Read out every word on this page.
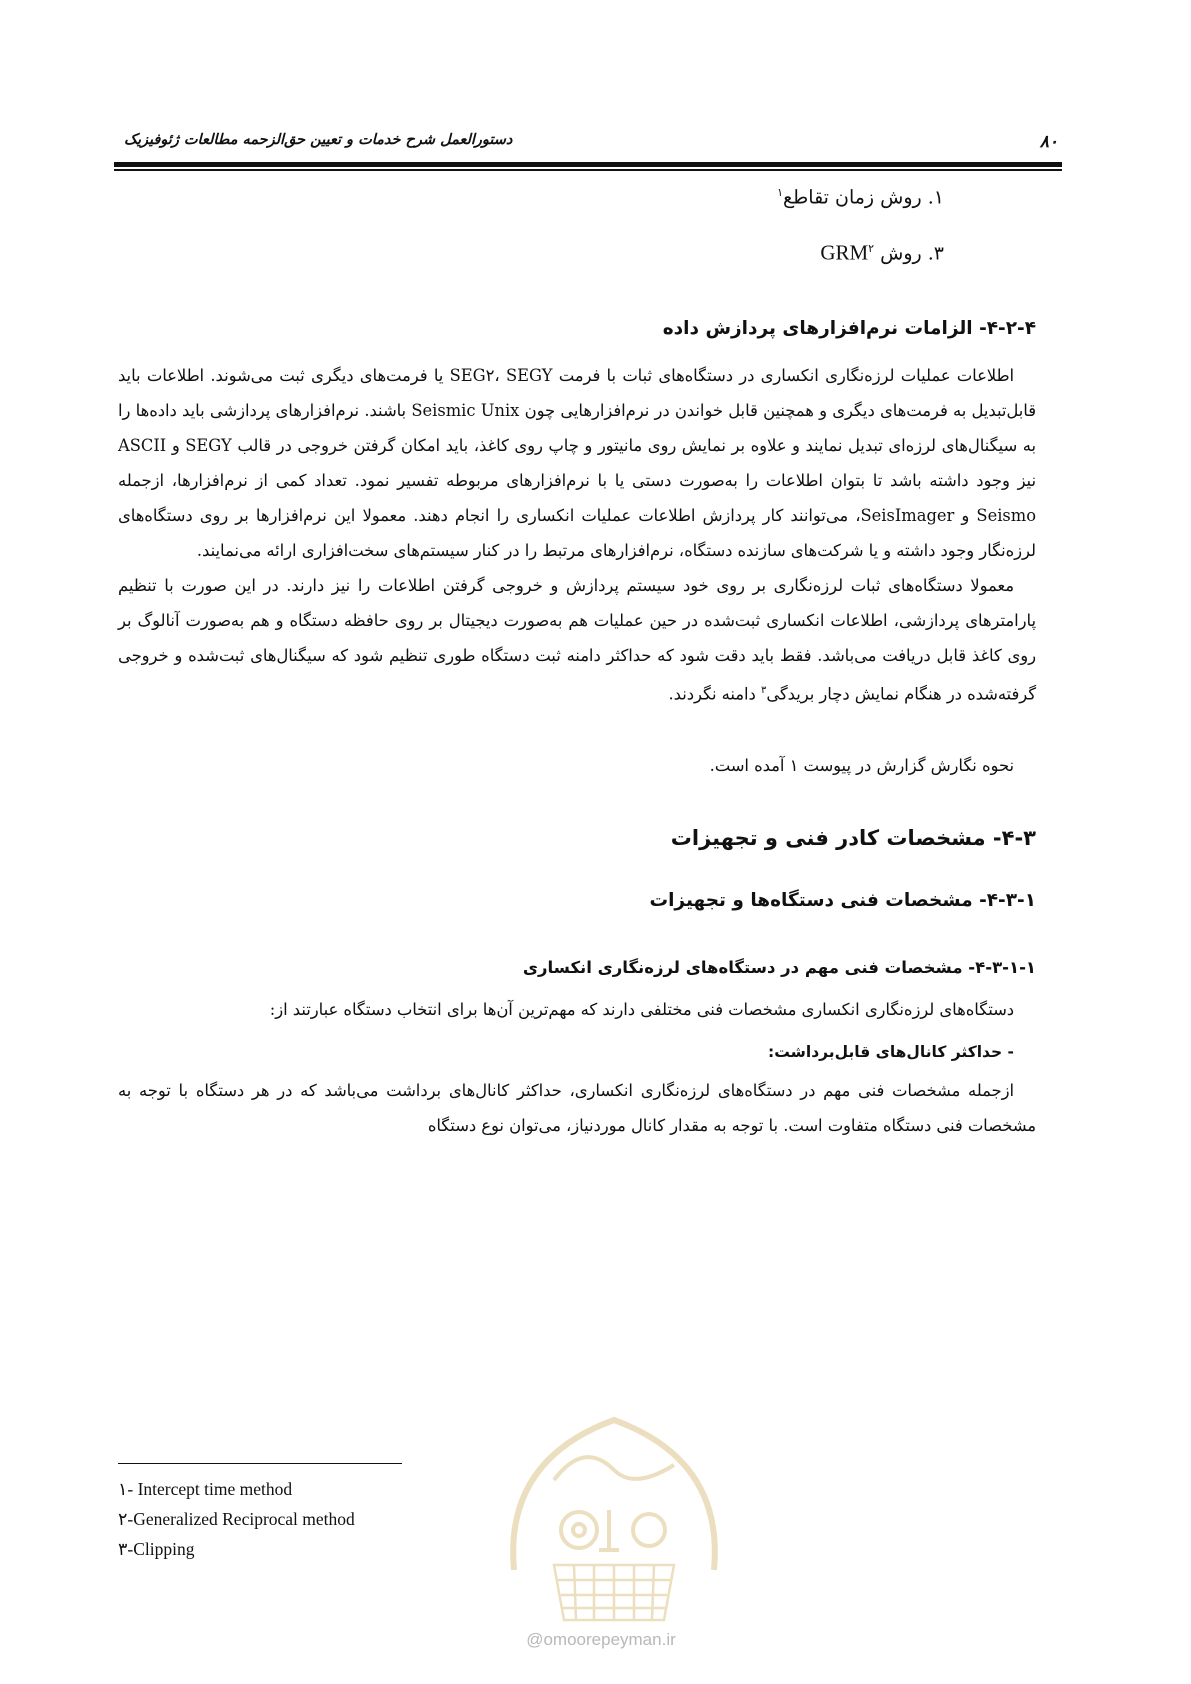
۸۰
دستورالعمل شرح خدمات و تعیین حق‌الزحمه مطالعات ژئوفیزیک
۱. روش زمان تقاطع$^۱$
۳. روش GRM$^۲$
۴-۲-۴- الزامات نرم‌افزارهای پردازش داده
اطلاعات عملیات لرزه‌نگاری انکساری در دستگاه‌های ثبات با فرمت SEG۲، SEGY یا فرمت‌های دیگری ثبت می‌شوند. اطلاعات باید قابل‌تبدیل به فرمت‌های دیگری و همچنین قابل خواندن در نرم‌افزارهایی چون Seismic Unix باشند. نرم‌افزارهای پردازشی باید داده‌ها را به سیگنال‌های لرزه‌ای تبدیل نمایند و علاوه بر نمایش روی مانیتور و چاپ روی کاغذ، باید امکان گرفتن خروجی در قالب SEGY و ASCII نیز وجود داشته باشد تا بتوان اطلاعات را به‌صورت دستی یا با نرم‌افزارهای مربوطه تفسیر نمود. تعداد کمی از نرم‌افزارها، ازجمله Seismo و SeisImager، می‌توانند کار پردازش اطلاعات عملیات انکساری را انجام دهند. معمولا این نرم‌افزارها بر روی دستگاه‌های لرزه‌نگار وجود داشته و یا شرکت‌های سازنده دستگاه، نرم‌افزارهای مرتبط را در کنار سیستم‌های سخت‌افزاری ارائه می‌نمایند.
معمولا دستگاه‌های ثبات لرزه‌نگاری بر روی خود سیستم پردازش و خروجی گرفتن اطلاعات را نیز دارند. در این صورت با تنظیم پارامترهای پردازشی، اطلاعات انکساری ثبت‌شده در حین عملیات هم به‌صورت دیجیتال بر روی حافظه دستگاه و هم به‌صورت آنالوگ بر روی کاغذ قابل دریافت می‌باشد. فقط باید دقت شود که حداکثر دامنه ثبت دستگاه طوری تنظیم شود که سیگنال‌های ثبت‌شده و خروجی گرفته‌شده در هنگام نمایش دچار بریدگی$^۳$ دامنه نگردند.
نحوه نگارش گزارش در پیوست ۱ آمده است.
۴-۳- مشخصات کادر فنی و تجهیزات
۴-۳-۱- مشخصات فنی دستگاه‌ها و تجهیزات
۴-۳-۱-۱- مشخصات فنی مهم در دستگاه‌های لرزه‌نگاری انکساری
دستگاه‌های لرزه‌نگاری انکساری مشخصات فنی مختلفی دارند که مهم‌ترین آن‌ها برای انتخاب دستگاه عبارتند از:
- حداکثر کانال‌های قابل‌برداشت:
ازجمله مشخصات فنی مهم در دستگاه‌های لرزه‌نگاری انکساری، حداکثر کانال‌های برداشت می‌باشد که در هر دستگاه با توجه به مشخصات فنی دستگاه متفاوت است. با توجه به مقدار کانال موردنیاز، می‌توان نوع دستگاه
۱- Intercept time method
۲-Generalized Reciprocal method
۳-Clipping
@omoorepeyman.ir
